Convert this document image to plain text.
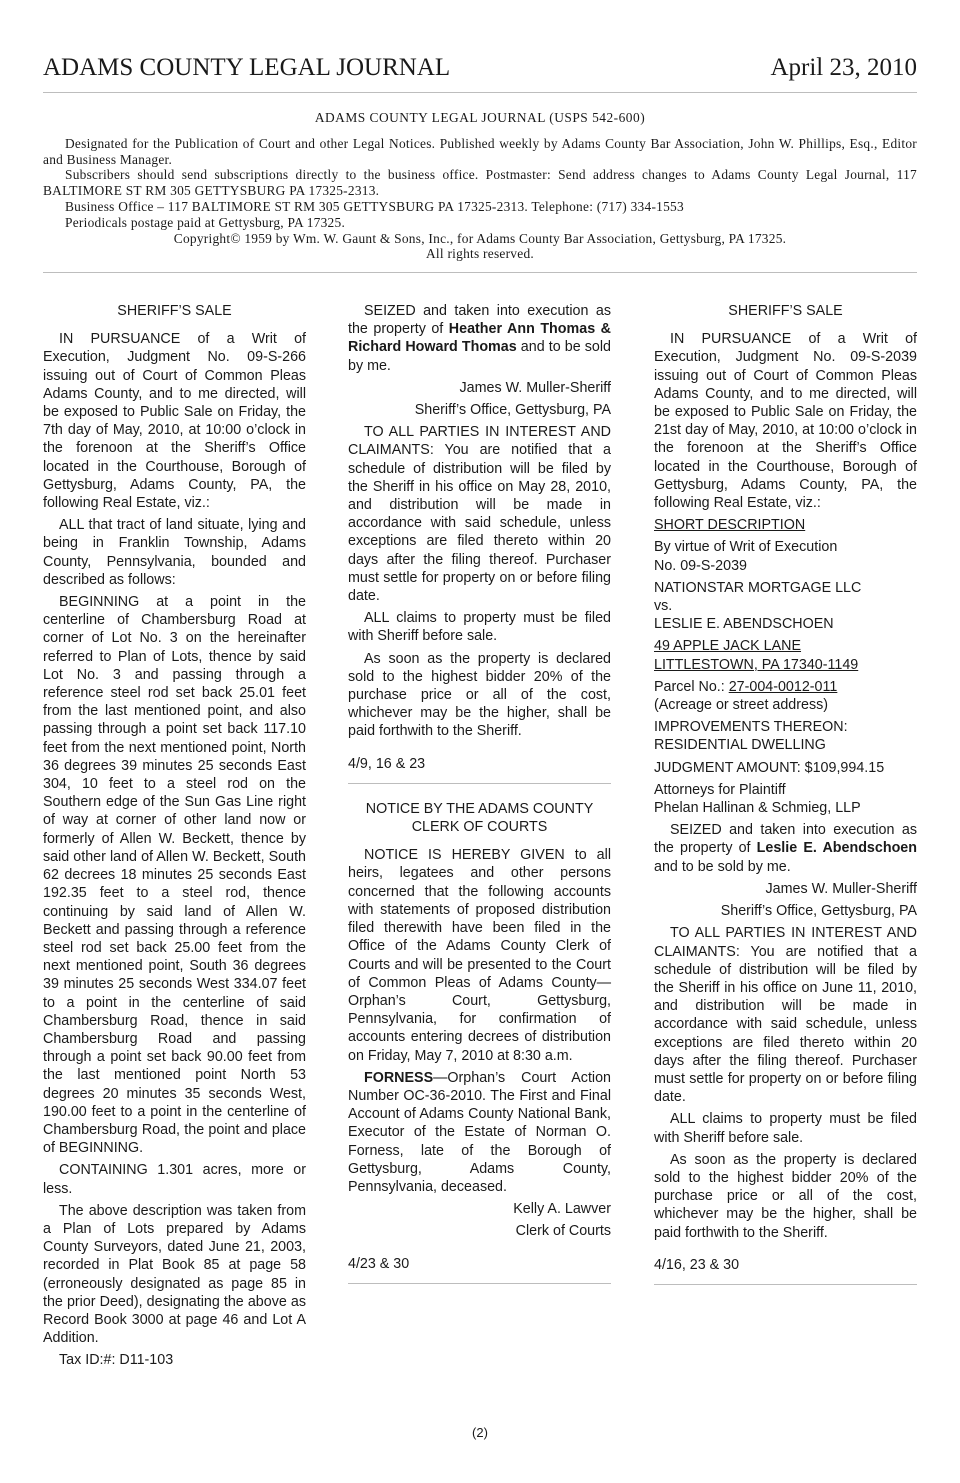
ADAMS COUNTY LEGAL JOURNAL	April 23, 2010
ADAMS COUNTY LEGAL JOURNAL (USPS 542-600)
Designated for the Publication of Court and other Legal Notices. Published weekly by Adams County Bar Association, John W. Phillips, Esq., Editor and Business Manager.
Subscribers should send subscriptions directly to the business office. Postmaster: Send address changes to Adams County Legal Journal, 117 BALTIMORE ST RM 305 GETTYSBURG PA 17325-2313.
Business Office – 117 BALTIMORE ST RM 305 GETTYSBURG PA 17325-2313. Telephone: (717) 334-1553
Periodicals postage paid at Gettysburg, PA 17325.
Copyright© 1959 by Wm. W. Gaunt & Sons, Inc., for Adams County Bar Association, Gettysburg, PA 17325.
All rights reserved.

SHERIFF’S SALE

IN PURSUANCE of a Writ of Execution, Judgment No. 09-S-266 issuing out of Court of Common Pleas Adams County, and to me directed, will be exposed to Public Sale on Friday, the 7th day of May, 2010, at 10:00 o’clock in the forenoon at the Sheriff’s Office located in the Courthouse, Borough of Gettysburg, Adams County, PA, the following Real Estate, viz.:

ALL that tract of land situate, lying and being in Franklin Township, Adams County, Pennsylvania, bounded and described as follows:

BEGINNING at a point in the centerline of Chambersburg Road at corner of Lot No. 3 on the hereinafter referred to Plan of Lots, thence by said Lot No. 3 and passing through a reference steel rod set back 25.01 feet from the last mentioned point, and also passing through a point set back 117.10 feet from the next mentioned point, North 36 degrees 39 minutes 25 seconds East 304, 10 feet to a steel rod on the Southern edge of the Sun Gas Line right of way at corner of other land now or formerly of Allen W. Beckett, thence by said other land of Allen W. Beckett, South 62 decrees 18 minutes 25 seconds East 192.35 feet to a steel rod, thence continuing by said land of Allen W. Beckett and passing through a reference steel rod set back 25.00 feet from the next mentioned point, South 36 degrees 39 minutes 25 seconds West 334.07 feet to a point in the centerline of said Chambersburg Road, thence in said Chambersburg Road and passing through a point set back 90.00 feet from the last mentioned point North 53 degrees 20 minutes 35 seconds West, 190.00 feet to a point in the centerline of Chambersburg Road, the point and place of BEGINNING.

CONTAINING 1.301 acres, more or less.

The above description was taken from a Plan of Lots prepared by Adams County Surveyors, dated June 21, 2003, recorded in Plat Book 85 at page 58 (erroneously designated as page 85 in the prior Deed), designating the above as Record Book 3000 at page 46 and Lot A Addition.

Tax ID:#: D11-103

SEIZED and taken into execution as the property of Heather Ann Thomas & Richard Howard Thomas and to be sold by me.

James W. Muller-Sheriff

Sheriff’s Office, Gettysburg, PA

TO ALL PARTIES IN INTEREST AND CLAIMANTS: You are notified that a schedule of distribution will be filed by the Sheriff in his office on May 28, 2010, and distribution will be made in accordance with said schedule, unless exceptions are filed thereto within 20 days after the filing thereof. Purchaser must settle for property on or before filing date.

ALL claims to property must be filed with Sheriff before sale.

As soon as the property is declared sold to the highest bidder 20% of the purchase price or all of the cost, whichever may be the higher, shall be paid forthwith to the Sheriff.

4/9, 16 & 23

NOTICE BY THE ADAMS COUNTY CLERK OF COURTS

NOTICE IS HEREBY GIVEN to all heirs, legatees and other persons concerned that the following accounts with statements of proposed distribution filed therewith have been filed in the Office of the Adams County Clerk of Courts and will be presented to the Court of Common Pleas of Adams County—Orphan’s Court, Gettysburg, Pennsylvania, for confirmation of accounts entering decrees of distribution on Friday, May 7, 2010 at 8:30 a.m.

FORNESS—Orphan’s Court Action Number OC-36-2010. The First and Final Account of Adams County National Bank, Executor of the Estate of Norman O. Forness, late of the Borough of Gettysburg, Adams County, Pennsylvania, deceased.

Kelly A. Lawver

Clerk of Courts

4/23 & 30

SHERIFF’S SALE

IN PURSUANCE of a Writ of Execution, Judgment No. 09-S-2039 issuing out of Court of Common Pleas Adams County, and to me directed, will be exposed to Public Sale on Friday, the 21st day of May, 2010, at 10:00 o’clock in the forenoon at the Sheriff’s Office located in the Courthouse, Borough of Gettysburg, Adams County, PA, the following Real Estate, viz.:

SHORT DESCRIPTION

By virtue of Writ of Execution
No. 09-S-2039

NATIONSTAR MORTGAGE LLC
vs.
LESLIE E. ABENDSCHOEN

49 APPLE JACK LANE
LITTLESTOWN, PA 17340-1149

Parcel No.: 27-004-0012-011
(Acreage or street address)

IMPROVEMENTS THEREON:
RESIDENTIAL DWELLING

JUDGMENT AMOUNT: $109,994.15

Attorneys for Plaintiff
Phelan Hallinan & Schmieg, LLP

SEIZED and taken into execution as the property of Leslie E. Abendschoen and to be sold by me.

James W. Muller-Sheriff

Sheriff’s Office, Gettysburg, PA

TO ALL PARTIES IN INTEREST AND CLAIMANTS: You are notified that a schedule of distribution will be filed by the Sheriff in his office on June 11, 2010, and distribution will be made in accordance with said schedule, unless exceptions are filed thereto within 20 days after the filing thereof. Purchaser must settle for property on or before filing date.

ALL claims to property must be filed with Sheriff before sale.

As soon as the property is declared sold to the highest bidder 20% of the purchase price or all of the cost, whichever may be the higher, shall be paid forthwith to the Sheriff.

4/16, 23 & 30

(2)
